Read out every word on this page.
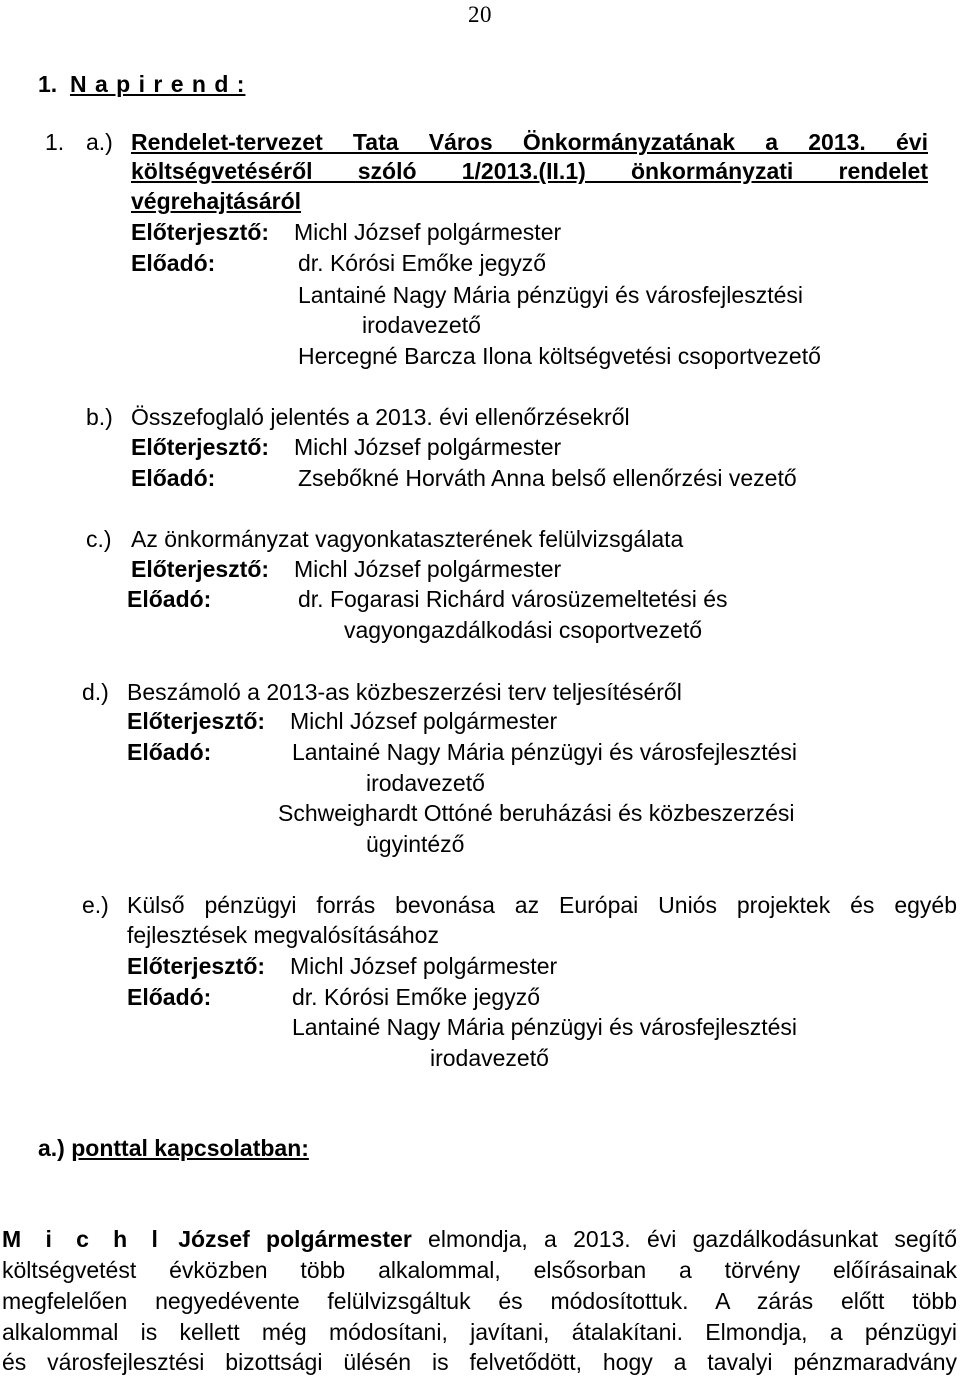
20
1. N a p i r e n d :
1. a.) Rendelet-tervezet Tata Város Önkormányzatának a 2013. évi
költségvetéséről szóló 1/2013.(II.1) önkormányzati rendelet
végrehajtásáról
Előterjesztő: Michl József polgármester
Előadó:	dr. Kórósi Emőke jegyző
Lantainé Nagy Mária pénzügyi és városfejlesztési
irodavezető
Hercegné Barcza Ilona költségvetési csoportvezető
b.) Összefoglaló jelentés a 2013. évi ellenőrzésekről
Előterjesztő: Michl József polgármester
Előadó:	Zsebőkné Horváth Anna belső ellenőrzési vezető
c.) Az önkormányzat vagyonkataszterének felülvizsgálata
Előterjesztő: Michl József polgármester
Előadó:	dr. Fogarasi Richárd városüzemeltetési és
vagyongazdálkodási csoportvezető
d.) Beszámoló a 2013-as közbeszerzési terv teljesítéséről
Előterjesztő: Michl József polgármester
Előadó:	Lantainé Nagy Mária pénzügyi és városfejlesztési
irodavezető
Schweighardt Ottóné beruházási és közbeszerzési
ügyintéző
e.) Külső pénzügyi forrás bevonása az Európai Uniós projektek és egyéb
fejlesztések megvalósításához
Előterjesztő: Michl József polgármester
Előadó:	dr. Kórósi Emőke jegyző
Lantainé Nagy Mária pénzügyi és városfejlesztési
irodavezető
a.) ponttal kapcsolatban:
M i c h l József polgármester elmondja, a 2013. évi gazdálkodásunkat segítő
költségvetést évközben több alkalommal, elsősorban a törvény előírásainak
megfelelően negyedévente felülvizsgáltuk és módosítottuk. A zárás előtt több
alkalommal is kellett még módosítani, javítani, átalakítani. Elmondja, a pénzügyi
és városfejlesztési bizottsági ülésén is felvetődött, hogy a tavalyi pénzmaradvány
